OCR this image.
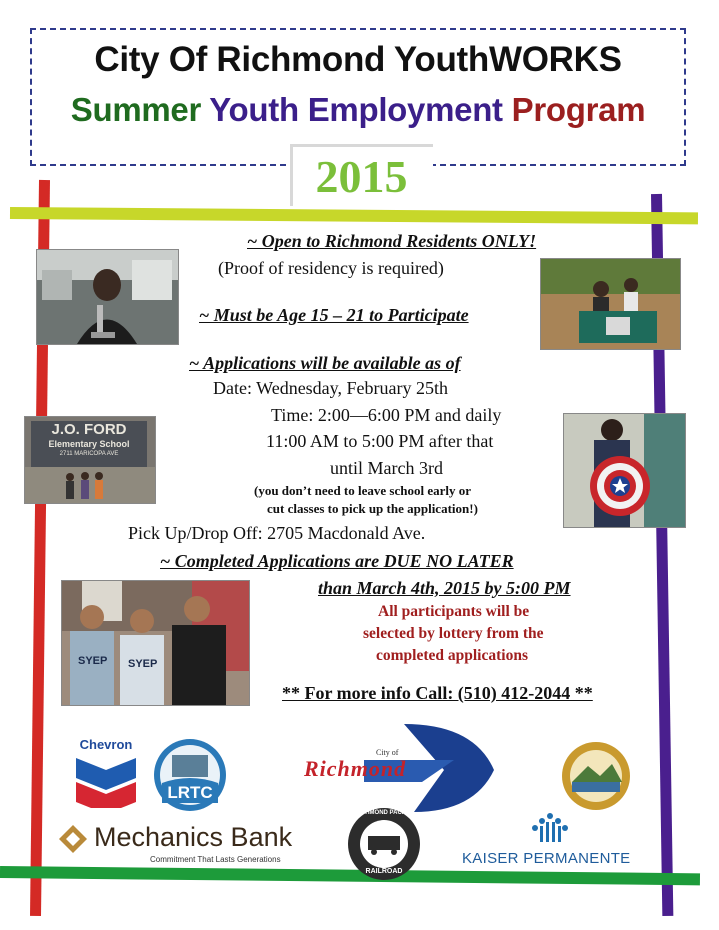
City Of Richmond YouthWORKS
Summer Youth Employment Program
2015
~ Open to Richmond Residents ONLY!
(Proof of residency is required)
~ Must be Age 15 – 21 to Participate
~ Applications will be available as of
Date: Wednesday, February 25th
Time: 2:00—6:00 PM and daily
11:00 AM to 5:00 PM after that
until March 3rd
(you don’t need to leave school early or
cut classes to pick up the application!)
Pick Up/Drop Off: 2705 Macdonald Ave.
~ Completed Applications are DUE NO LATER
than March 4th, 2015 by 5:00 PM
All participants will be
selected by lottery from the
completed applications
** For more info Call: (510) 412-2044 **
J.O. FORD
Elementary School
2711 MARICOPA AVE
SYEP SYEP
Chevron
LRTC
City of
Richmond
Mechanics Bank
Commitment That Lasts Generations
RICHMOND PACIFIC
RAILROAD
KAISER PERMANENTE
